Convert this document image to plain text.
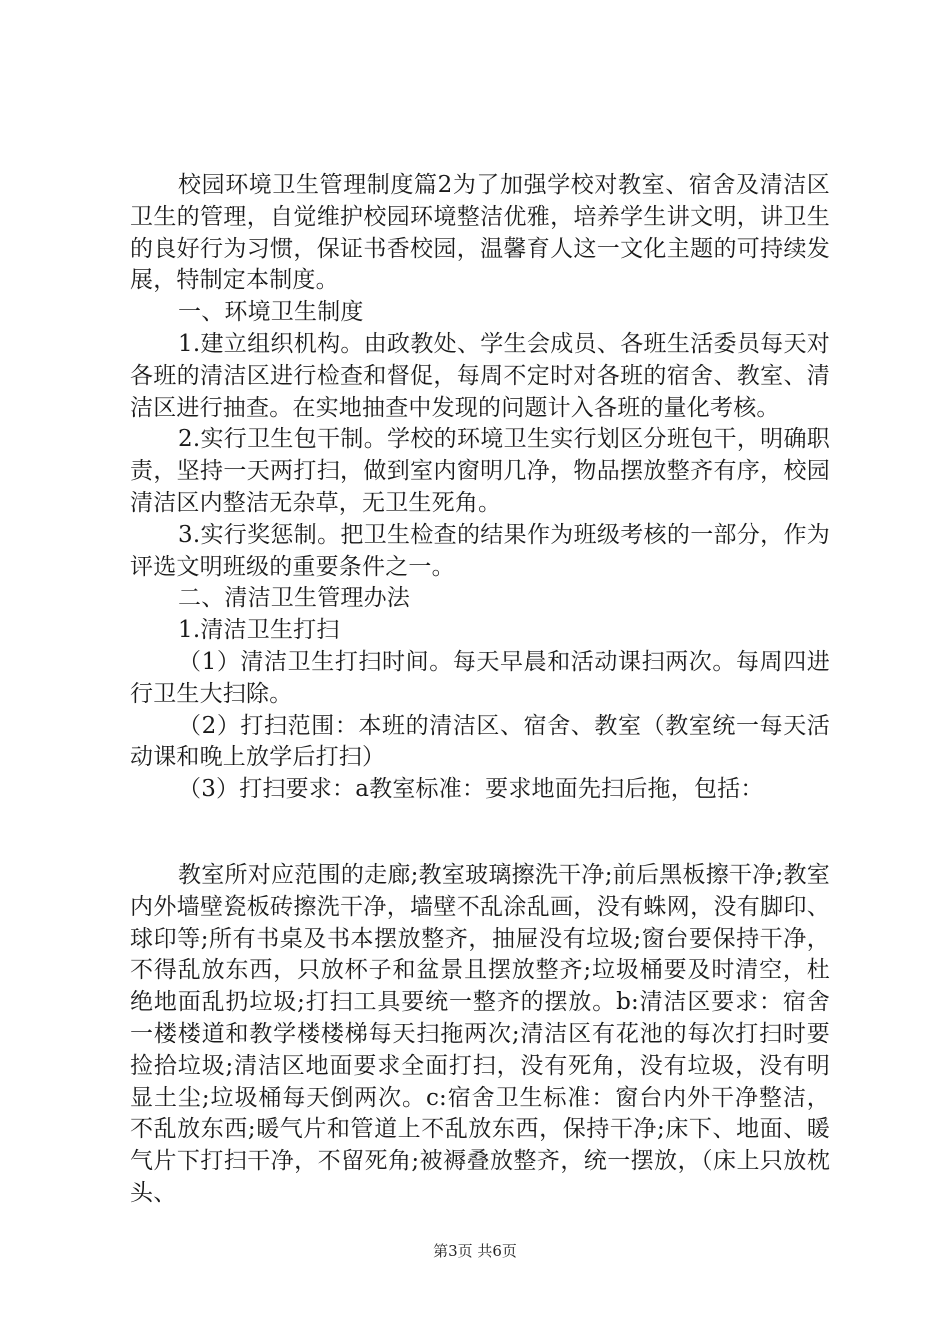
校园环境卫生管理制度篇2为了加强学校对教室、宿舍及清洁区卫生的管理，自觉维护校园环境整洁优雅，培养学生讲文明，讲卫生的良好行为习惯，保证书香校园，温馨育人这一文化主题的可持续发展，特制定本制度。

一、环境卫生制度

1.建立组织机构。由政教处、学生会成员、各班生活委员每天对各班的清洁区进行检查和督促，每周不定时对各班的宿舍、教室、清洁区进行抽查。在实地抽查中发现的问题计入各班的量化考核。

2.实行卫生包干制。学校的环境卫生实行划区分班包干，明确职责，坚持一天两打扫，做到室内窗明几净，物品摆放整齐有序，校园清洁区内整洁无杂草，无卫生死角。

3.实行奖惩制。把卫生检查的结果作为班级考核的一部分，作为评选文明班级的重要条件之一。

二、清洁卫生管理办法

1.清洁卫生打扫

（1）清洁卫生打扫时间。每天早晨和活动课扫两次。每周四进行卫生大扫除。

（2）打扫范围：本班的清洁区、宿舍、教室（教室统一每天活动课和晚上放学后打扫）

（3）打扫要求：a教室标准：要求地面先扫后拖，包括：

教室所对应范围的走廊;教室玻璃擦洗干净;前后黑板擦干净;教室内外墙壁瓷板砖擦洗干净，墙壁不乱涂乱画，没有蛛网，没有脚印、球印等;所有书桌及书本摆放整齐，抽屉没有垃圾;窗台要保持干净，不得乱放东西，只放杯子和盆景且摆放整齐;垃圾桶要及时清空，杜绝地面乱扔垃圾;打扫工具要统一整齐的摆放。b:清洁区要求：宿舍一楼楼道和教学楼楼梯每天扫拖两次;清洁区有花池的每次打扫时要捡拾垃圾;清洁区地面要求全面打扫，没有死角，没有垃圾，没有明显土尘;垃圾桶每天倒两次。c:宿舍卫生标准：窗台内外干净整洁，不乱放东西;暖气片和管道上不乱放东西，保持干净;床下、地面、暖气片下打扫干净，不留死角;被褥叠放整齐，统一摆放，（床上只放枕头、

第3页 共6页
